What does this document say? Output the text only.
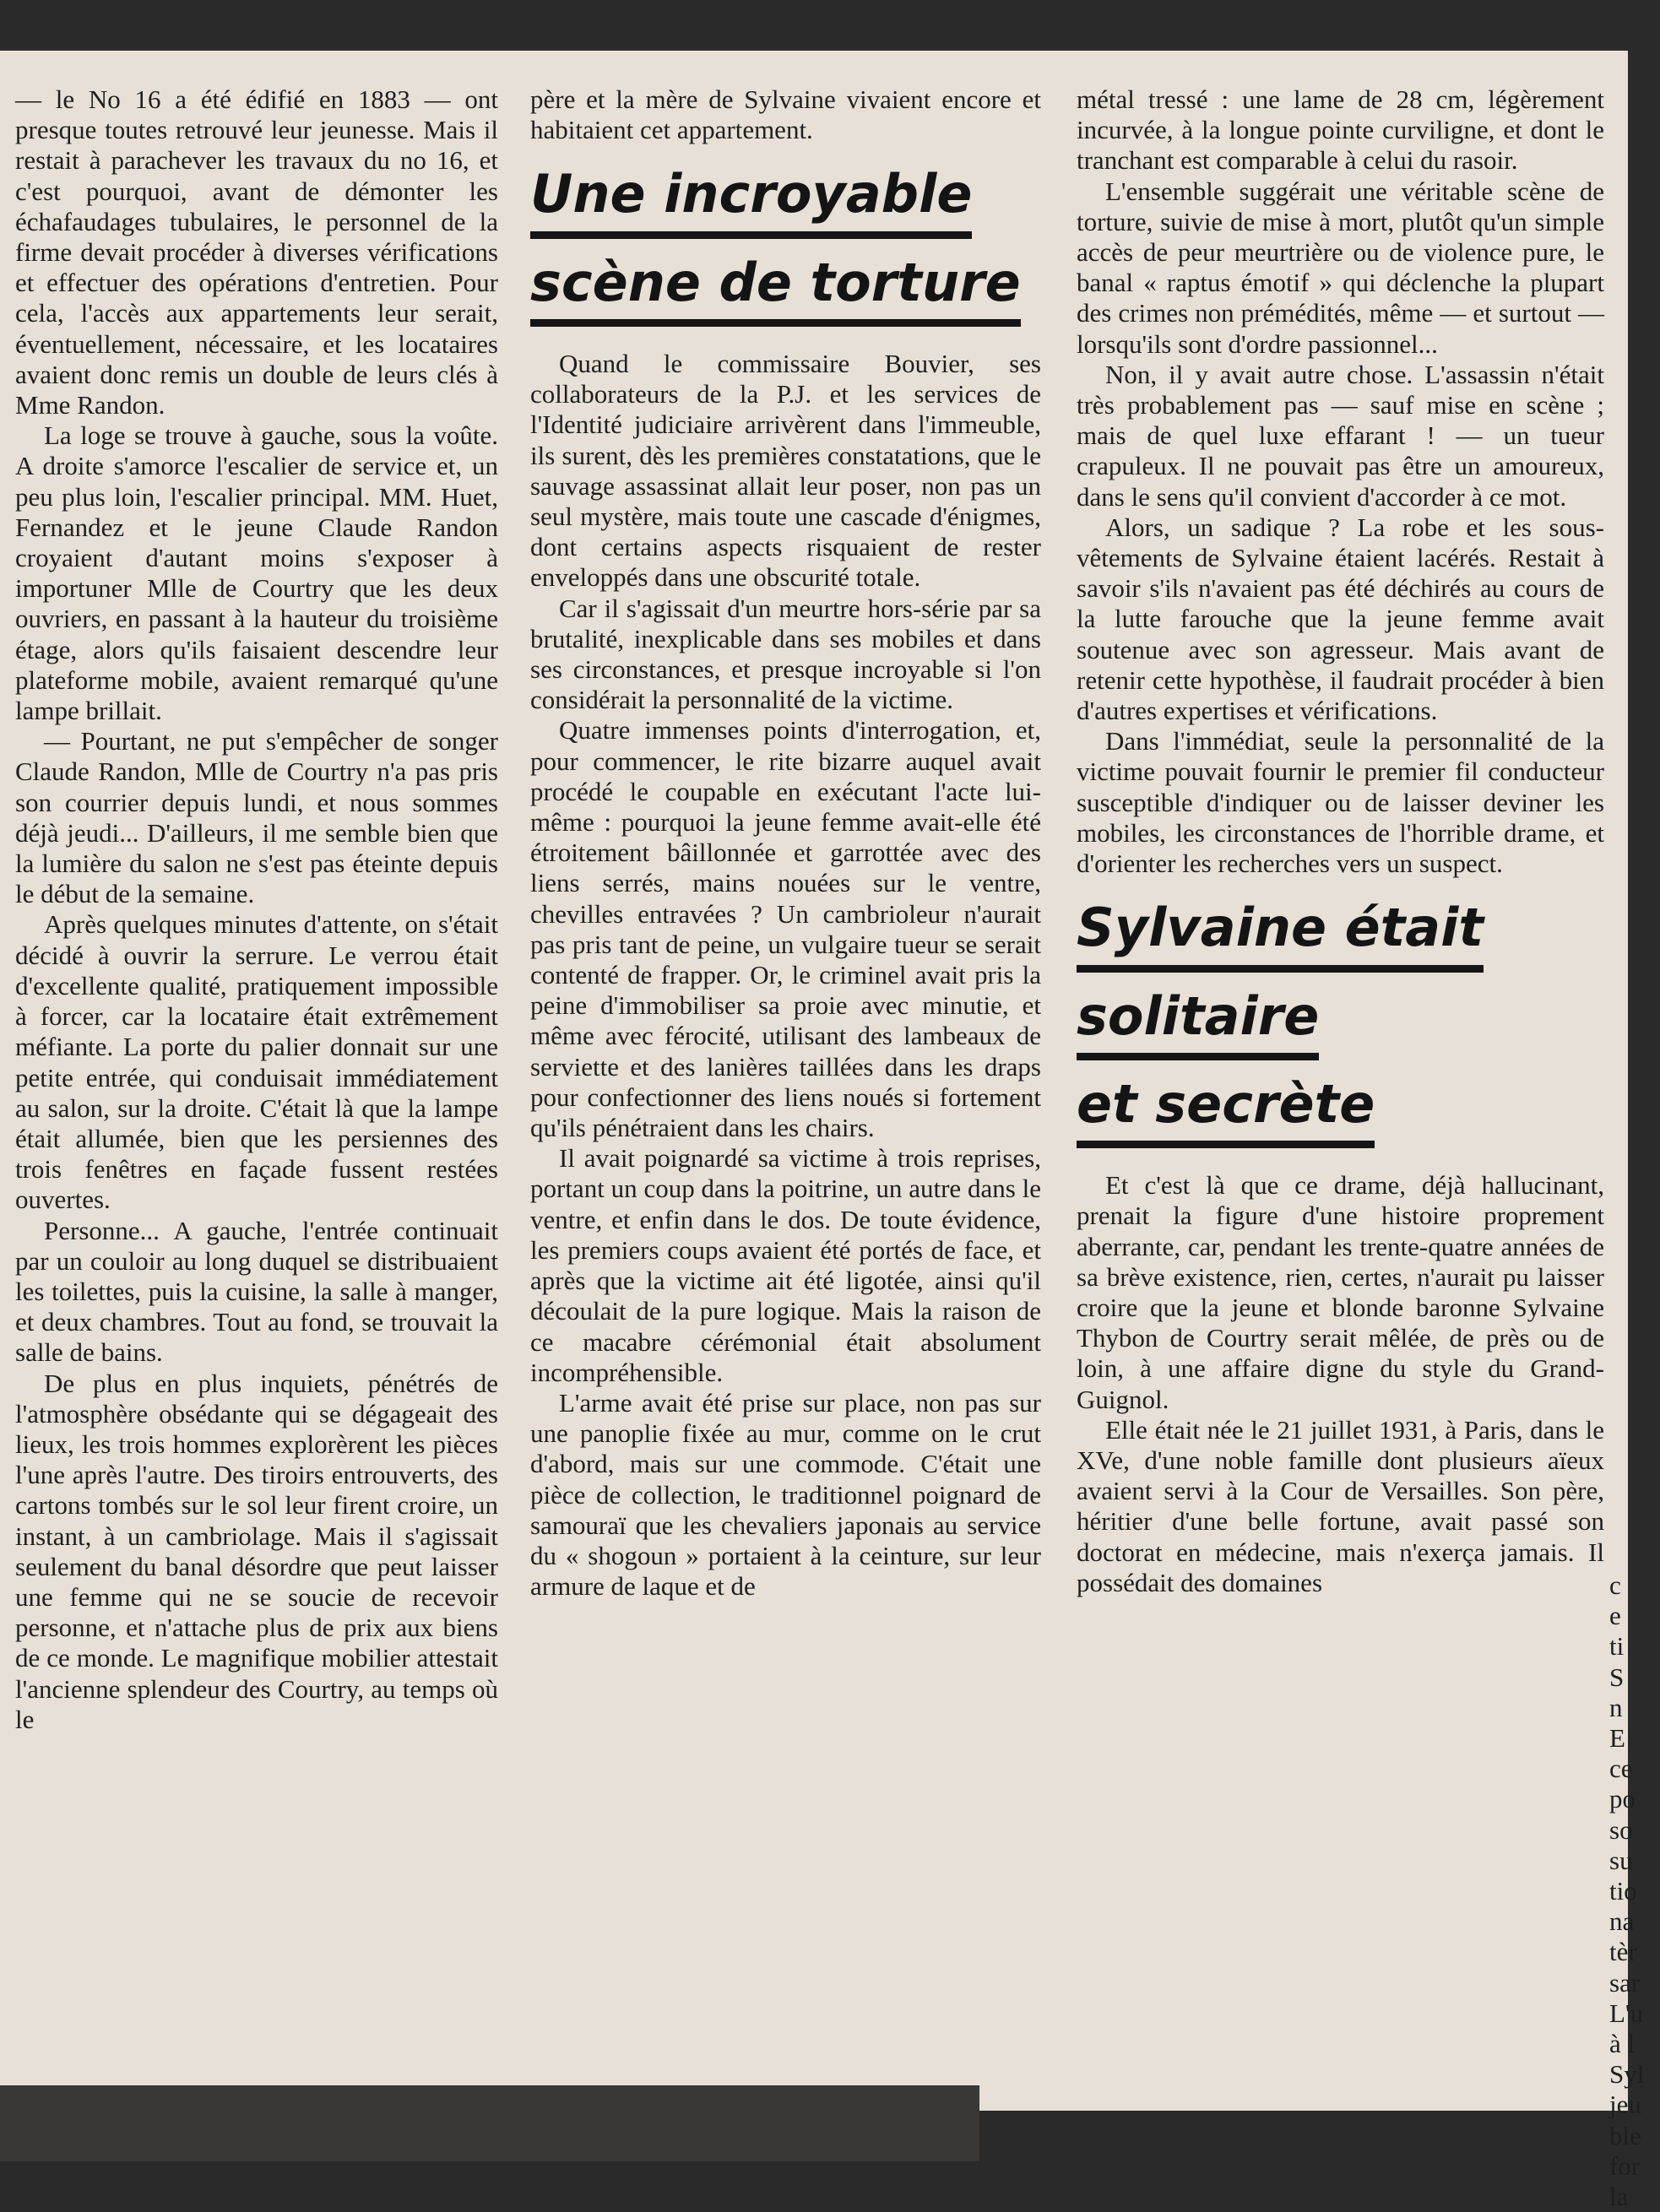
— le No 16 a été édifié en 1883 — ont presque toutes retrouvé leur jeunesse. Mais il restait à parachever les travaux du no 16, et c'est pourquoi, avant de démonter les échafaudages tubulaires, le personnel de la firme devait procéder à diverses vérifications et effectuer des opérations d'entretien. Pour cela, l'accès aux appartements leur serait, éventuellement, nécessaire, et les locataires avaient donc remis un double de leurs clés à Mme Randon.

La loge se trouve à gauche, sous la voûte. A droite s'amorce l'escalier de service et, un peu plus loin, l'escalier principal. MM. Huet, Fernandez et le jeune Claude Randon croyaient d'autant moins s'exposer à importuner Mlle de Courtry que les deux ouvriers, en passant à la hauteur du troisième étage, alors qu'ils faisaient descendre leur plateforme mobile, avaient remarqué qu'une lampe brillait.

— Pourtant, ne put s'empêcher de songer Claude Randon, Mlle de Courtry n'a pas pris son courrier depuis lundi, et nous sommes déjà jeudi... D'ailleurs, il me semble bien que la lumière du salon ne s'est pas éteinte depuis le début de la semaine.

Après quelques minutes d'attente, on s'était décidé à ouvrir la serrure. Le verrou était d'excellente qualité, pratiquement impossible à forcer, car la locataire était extrêmement méfiante. La porte du palier donnait sur une petite entrée, qui conduisait immédiatement au salon, sur la droite. C'était là que la lampe était allumée, bien que les persiennes des trois fenêtres en façade fussent restées ouvertes.

Personne... A gauche, l'entrée continuait par un couloir au long duquel se distribuaient les toilettes, puis la cuisine, la salle à manger, et deux chambres. Tout au fond, se trouvait la salle de bains.

De plus en plus inquiets, pénétrés de l'atmosphère obsédante qui se dégageait des lieux, les trois hommes explorèrent les pièces l'une après l'autre. Des tiroirs entrouverts, des cartons tombés sur le sol leur firent croire, un instant, à un cambriolage. Mais il s'agissait seulement du banal désordre que peut laisser une femme qui ne se soucie de recevoir personne, et n'attache plus de prix aux biens de ce monde. Le magnifique mobilier attestait l'ancienne splendeur des Courtry, au temps où le

père et la mère de Sylvaine vivaient encore et habitaient cet appartement.

Une incroyable
scène de torture

Quand le commissaire Bouvier, ses collaborateurs de la P.J. et les services de l'Identité judiciaire arrivèrent dans l'immeuble, ils surent, dès les premières constatations, que le sauvage assassinat allait leur poser, non pas un seul mystère, mais toute une cascade d'énigmes, dont certains aspects risquaient de rester enveloppés dans une obscurité totale.

Car il s'agissait d'un meurtre hors-série par sa brutalité, inexplicable dans ses mobiles et dans ses circonstances, et presque incroyable si l'on considérait la personnalité de la victime.

Quatre immenses points d'interrogation, et, pour commencer, le rite bizarre auquel avait procédé le coupable en exécutant l'acte lui-même : pourquoi la jeune femme avait-elle été étroitement bâillonnée et garrottée avec des liens serrés, mains nouées sur le ventre, chevilles entravées ? Un cambrioleur n'aurait pas pris tant de peine, un vulgaire tueur se serait contenté de frapper. Or, le criminel avait pris la peine d'immobiliser sa proie avec minutie, et même avec férocité, utilisant des lambeaux de serviette et des lanières taillées dans les draps pour confectionner des liens noués si fortement qu'ils pénétraient dans les chairs.

Il avait poignardé sa victime à trois reprises, portant un coup dans la poitrine, un autre dans le ventre, et enfin dans le dos. De toute évidence, les premiers coups avaient été portés de face, et après que la victime ait été ligotée, ainsi qu'il découlait de la pure logique. Mais la raison de ce macabre cérémonial était absolument incompréhensible.

L'arme avait été prise sur place, non pas sur une panoplie fixée au mur, comme on le crut d'abord, mais sur une commode. C'était une pièce de collection, le traditionnel poignard de samouraï que les chevaliers japonais au service du « shogoun » portaient à la ceinture, sur leur armure de laque et de

métal tressé : une lame de 28 cm, légèrement incurvée, à la longue pointe curviligne, et dont le tranchant est comparable à celui du rasoir.

L'ensemble suggérait une véritable scène de torture, suivie de mise à mort, plutôt qu'un simple accès de peur meurtrière ou de violence pure, le banal « raptus émotif » qui déclenche la plupart des crimes non prémédités, même — et surtout — lorsqu'ils sont d'ordre passionnel...

Non, il y avait autre chose. L'assassin n'était très probablement pas — sauf mise en scène ; mais de quel luxe effarant ! — un tueur crapuleux. Il ne pouvait pas être un amoureux, dans le sens qu'il convient d'accorder à ce mot.

Alors, un sadique ? La robe et les sous-vêtements de Sylvaine étaient lacérés. Restait à savoir s'ils n'avaient pas été déchirés au cours de la lutte farouche que la jeune femme avait soutenue avec son agresseur. Mais avant de retenir cette hypothèse, il faudrait procéder à bien d'autres expertises et vérifications.

Dans l'immédiat, seule la personnalité de la victime pouvait fournir le premier fil conducteur susceptible d'indiquer ou de laisser deviner les mobiles, les circonstances de l'horrible drame, et d'orienter les recherches vers un suspect.

Sylvaine était
solitaire
et secrète

Et c'est là que ce drame, déjà hallucinant, prenait la figure d'une histoire proprement aberrante, car, pendant les trente-quatre années de sa brève existence, rien, certes, n'aurait pu laisser croire que la jeune et blonde baronne Sylvaine Thybon de Courtry serait mêlée, de près ou de loin, à une affaire digne du style du Grand-Guignol.

Elle était née le 21 juillet 1931, à Paris, dans le XVe, d'une noble famille dont plusieurs aïeux avaient servi à la Cour de Versailles. Son père, héritier d'une belle fortune, avait passé son doctorat en médecine, mais n'exerça jamais. Il possédait des domaines	c
e
ti
S
n
E
ce
po
so
su
tio
na
tèr
sar
L'u
à l
Syl
jeu
ble
for
la
